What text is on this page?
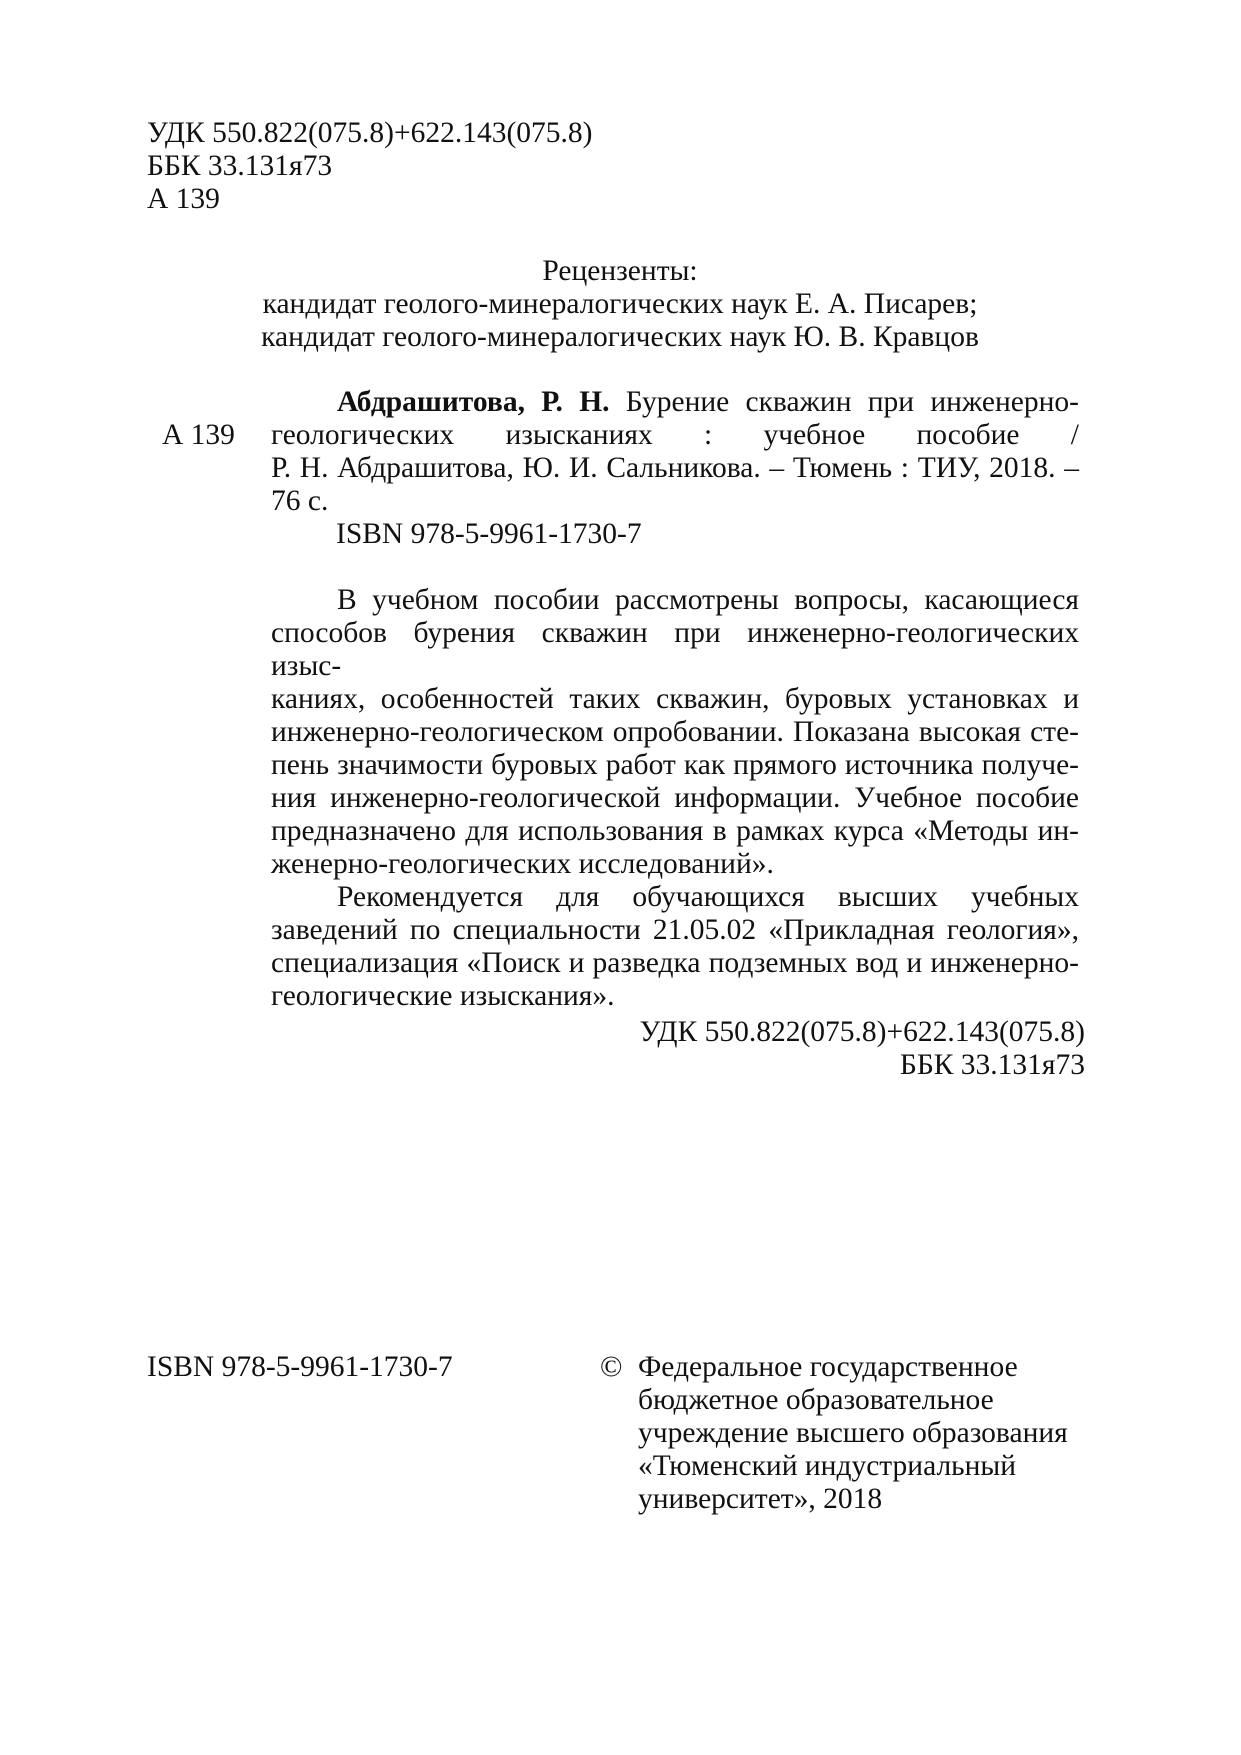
УДК 550.822(075.8)+622.143(075.8)
ББК 33.131я73
А 139
Рецензенты:
кандидат геолого-минералогических наук Е. А. Писарев;
кандидат геолого-минералогических наук Ю. В. Кравцов
А 139
Абдрашитова, Р. Н. Бурение скважин при инженерно-
геологических изысканиях : учебное пособие /
Р. Н. Абдрашитова, Ю. И. Сальникова. – Тюмень : ТИУ, 2018. –
76 с.
ISBN 978-5-9961-1730-7
В учебном пособии рассмотрены вопросы, касающиеся
способов бурения скважин при инженерно-геологических изыс-
каниях, особенностей таких скважин, буровых установках и
инженерно-геологическом опробовании. Показана высокая сте-
пень значимости буровых работ как прямого источника получе-
ния инженерно-геологической информации. Учебное пособие
предназначено для использования в рамках курса «Методы ин-
женерно-геологических исследований».
Рекомендуется для обучающихся высших учебных
заведений по специальности 21.05.02 «Прикладная геология»,
специализация «Поиск и разведка подземных вод и инженерно-
геологические изыскания».
УДК 550.822(075.8)+622.143(075.8)
ББК 33.131я73
ISBN 978-5-9961-1730-7	© Федеральное государственное
бюджетное образовательное
учреждение высшего образования
«Тюменский индустриальный
университет», 2018
